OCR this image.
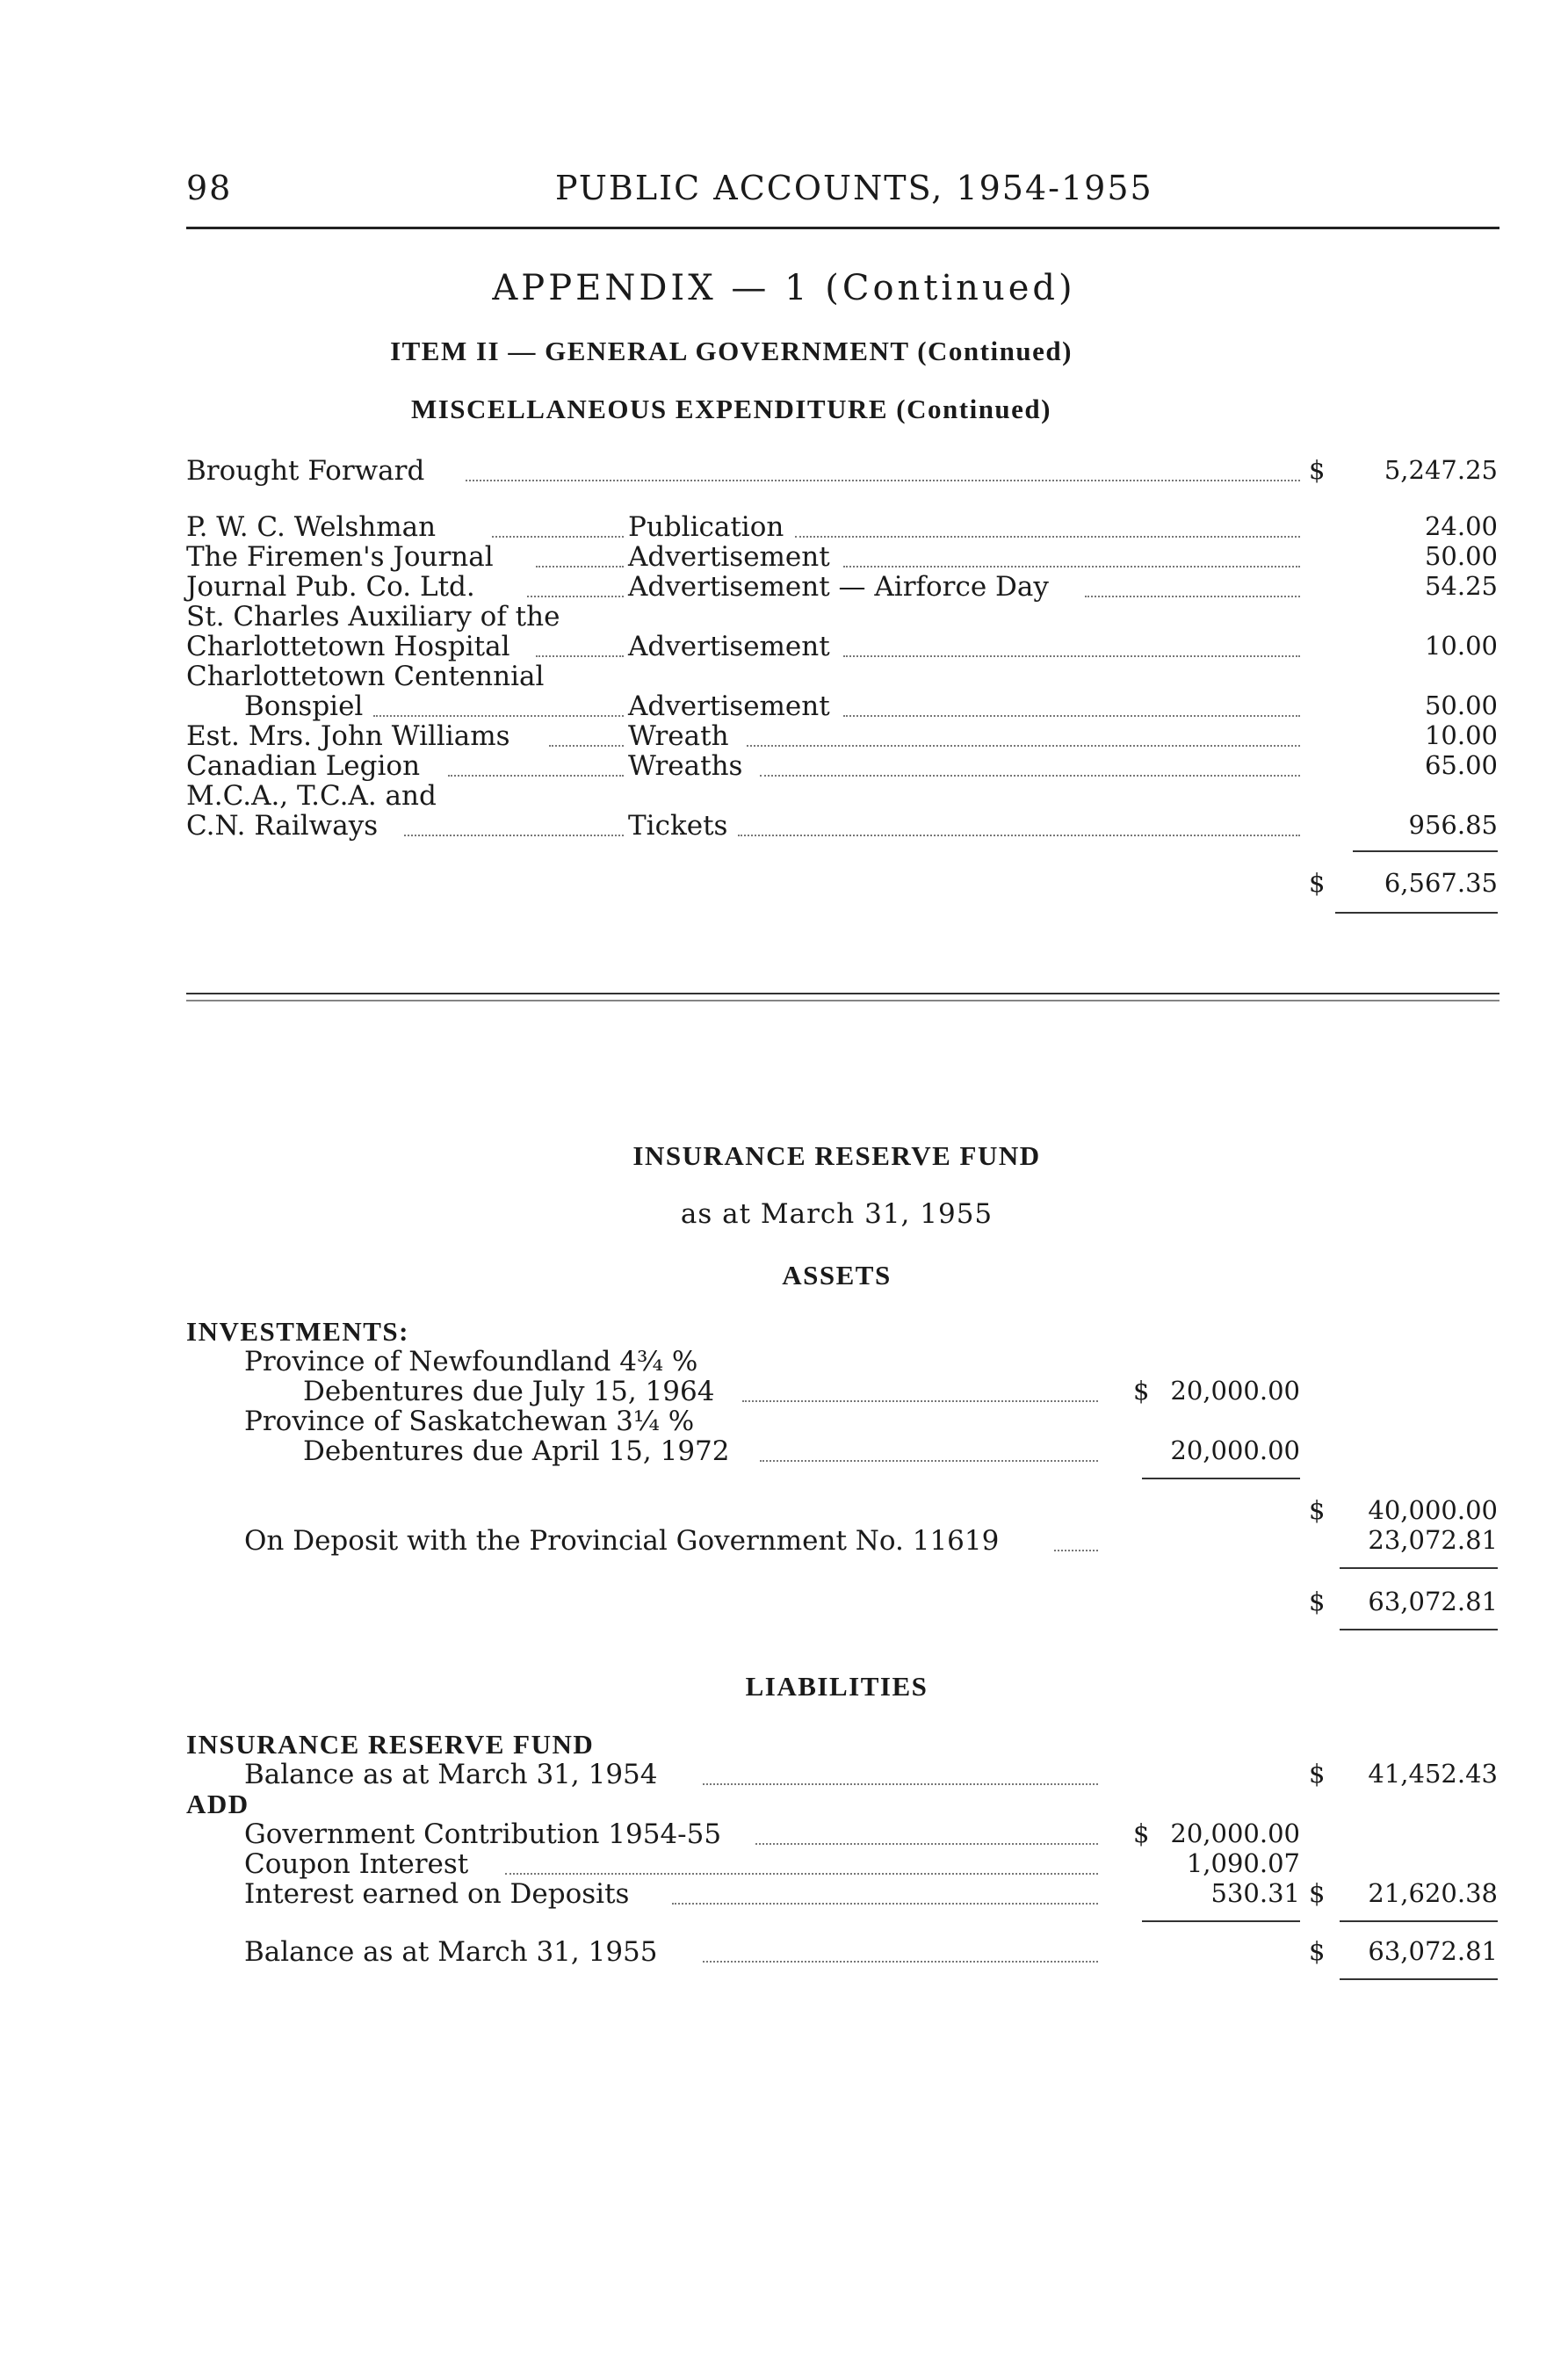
98	PUBLIC ACCOUNTS, 1954-1955
APPENDIX — 1 (Continued)
ITEM II — GENERAL GOVERNMENT (Continued)
MISCELLANEOUS EXPENDITURE (Continued)
Brought Forward	$	5,247.25
P. W. C. Welshman	Publication	24.00
The Firemen's Journal	Advertisement	50.00
Journal Pub. Co. Ltd.	Advertisement — Airforce Day	54.25
St. Charles Auxiliary of the
Charlottetown Hospital	Advertisement	10.00
Charlottetown Centennial
Bonspiel	Advertisement	50.00
Est. Mrs. John Williams	Wreath	10.00
Canadian Legion	Wreaths	65.00
M.C.A., T.C.A. and
C.N. Railways	Tickets	956.85
$	6,567.35
INSURANCE RESERVE FUND
as at March 31, 1955
ASSETS
INVESTMENTS:
Province of Newfoundland 4¾ %
Debentures due July 15, 1964	$ 20,000.00
Province of Saskatchewan 3¼ %
Debentures due April 15, 1972	20,000.00
$	40,000.00
On Deposit with the Provincial Government No. 11619	23,072.81
$	63,072.81
LIABILITIES
INSURANCE RESERVE FUND
Balance as at March 31, 1954	$	41,452.43
ADD
Government Contribution 1954-55	$ 20,000.00
Coupon Interest	1,090.07
Interest earned on Deposits	530.31 $	21,620.38
Balance as at March 31, 1955	$	63,072.81
